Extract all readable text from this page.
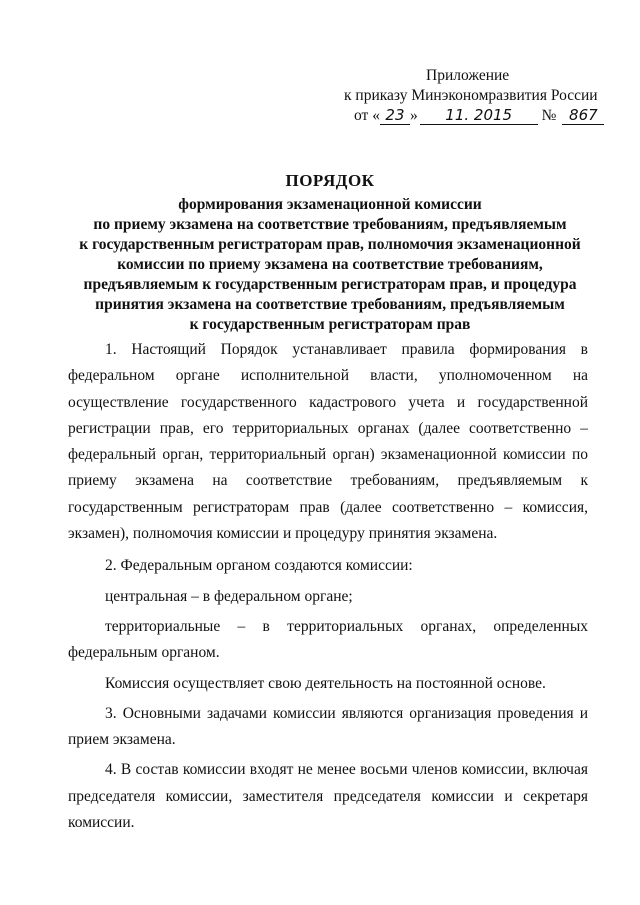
Приложение
к приказу Минэкономразвития России
от « 23 » 11. 2015 № 867
ПОРЯДОК
формирования экзаменационной комиссии
по приему экзамена на соответствие требованиям, предъявляемым
к государственным регистраторам прав, полномочия экзаменационной
комиссии по приему экзамена на соответствие требованиям,
предъявляемым к государственным регистраторам прав, и процедура
принятия экзамена на соответствие требованиям, предъявляемым
к государственным регистраторам прав

1. Настоящий Порядок устанавливает правила формирования в федеральном органе исполнительной власти, уполномоченном на осуществление государственного кадастрового учета и государственной регистрации прав, его территориальных органах (далее соответственно – федеральный орган, территориальный орган) экзаменационной комиссии по приему экзамена на соответствие требованиям, предъявляемым к государственным регистраторам прав (далее соответственно – комиссия, экзамен), полномочия комиссии и процедуру принятия экзамена.

2. Федеральным органом создаются комиссии:

центральная – в федеральном органе;

территориальные – в территориальных органах, определенных федеральным органом.

Комиссия осуществляет свою деятельность на постоянной основе.

3. Основными задачами комиссии являются организация проведения и прием экзамена.

4. В состав комиссии входят не менее восьми членов комиссии, включая председателя комиссии, заместителя председателя комиссии и секретаря комиссии.
